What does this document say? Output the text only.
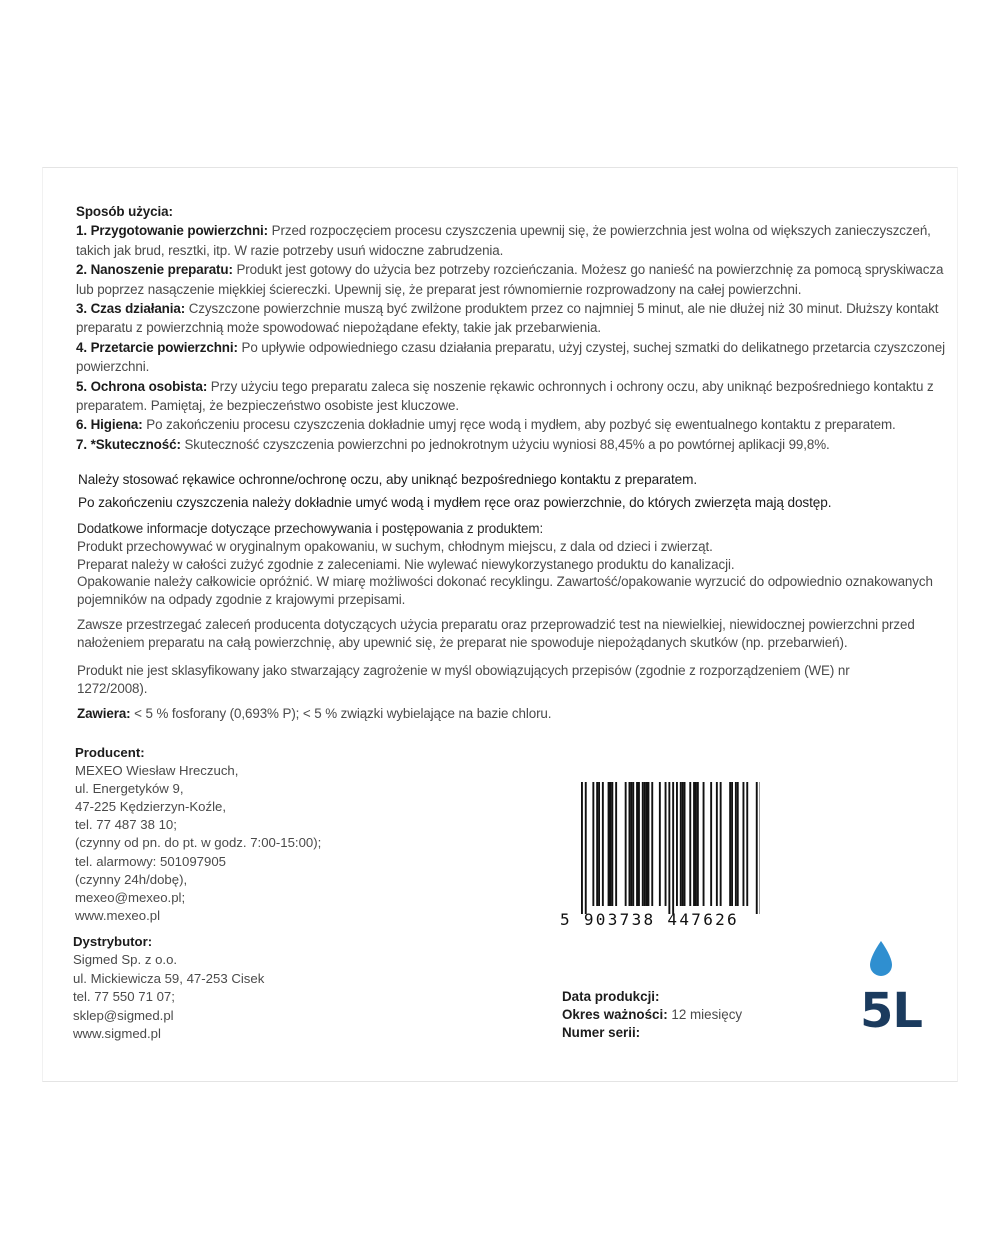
Sposób użycia:

1. Przygotowanie powierzchni: Przed rozpoczęciem procesu czyszczenia upewnij się, że powierzchnia jest wolna od większych zanieczyszczeń, takich jak brud, resztki, itp. W razie potrzeby usuń widoczne zabrudzenia.

2. Nanoszenie preparatu: Produkt jest gotowy do użycia bez potrzeby rozcieńczania. Możesz go nanieść na powierzchnię za pomocą spryskiwacza lub poprzez nasączenie miękkiej ściereczki. Upewnij się, że preparat jest równomiernie rozprowadzony na całej powierzchni.

3. Czas działania: Czyszczone powierzchnie muszą być zwilżone produktem przez co najmniej 5 minut, ale nie dłużej niż 30 minut. Dłuższy kontakt preparatu z powierzchnią może spowodować niepożądane efekty, takie jak przebarwienia.

4. Przetarcie powierzchni: Po upływie odpowiedniego czasu działania preparatu, użyj czystej, suchej szmatki do delikatnego przetarcia czyszczonej powierzchni.

5. Ochrona osobista: Przy użyciu tego preparatu zaleca się noszenie rękawic ochronnych i ochrony oczu, aby uniknąć bezpośredniego kontaktu z preparatem. Pamiętaj, że bezpieczeństwo osobiste jest kluczowe.

6. Higiena: Po zakończeniu procesu czyszczenia dokładnie umyj ręce wodą i mydłem, aby pozbyć się ewentualnego kontaktu z preparatem.

7. *Skuteczność: Skuteczność czyszczenia powierzchni po jednokrotnym użyciu wyniosi 88,45% a po powtórnej aplikacji 99,8%.

Należy stosować rękawice ochronne/ochronę oczu, aby uniknąć bezpośredniego kontaktu z preparatem.

Po zakończeniu czyszczenia należy dokładnie umyć wodą i mydłem ręce oraz powierzchnie, do których zwierzęta mają dostęp.

Dodatkowe informacje dotyczące przechowywania i postępowania z produktem:

Produkt przechowywać w oryginalnym opakowaniu, w suchym, chłodnym miejscu, z dala od dzieci i zwierząt.

Preparat należy w całości zużyć zgodnie z zaleceniami. Nie wylewać niewykorzystanego produktu do kanalizacji.

Opakowanie należy całkowicie opróżnić. W miarę możliwości dokonać recyklingu. Zawartość/opakowanie wyrzucić do odpowiednio oznakowanych pojemników na odpady zgodnie z krajowymi przepisami.

Zawsze przestrzegać zaleceń producenta dotyczących użycia preparatu oraz przeprowadzić test na niewielkiej, niewidocznej powierzchni przed nałożeniem preparatu na całą powierzchnię, aby upewnić się, że preparat nie spowoduje niepożądanych skutków (np. przebarwień).
Produkt nie jest sklasyfikowany jako stwarzający zagrożenie w myśl obowiązujących przepisów (zgodnie z rozporządzeniem (WE) nr 1272/2008).
Zawiera: < 5 % fosforany (0,693% P); < 5 % związki wybielające na bazie chloru.
Producent:
MEXEO Wiesław Hreczuch,
ul. Energetyków 9,
47-225 Kędzierzyn-Koźle,
tel. 77 487 38 10;
(czynny od pn. do pt. w godz. 7:00-15:00);
tel. alarmowy: 501097905
(czynny 24h/dobę),
mexeo@mexeo.pl;
www.mexeo.pl
Dystrybutor:
Sigmed Sp. z o.o.
ul. Mickiewicza 59, 47-253 Cisek
tel. 77 550 71 07;
sklep@sigmed.pl
www.sigmed.pl
5 903738 447626
Data produkcji:
Okres ważności: 12 miesięcy
Numer serii:	5L
